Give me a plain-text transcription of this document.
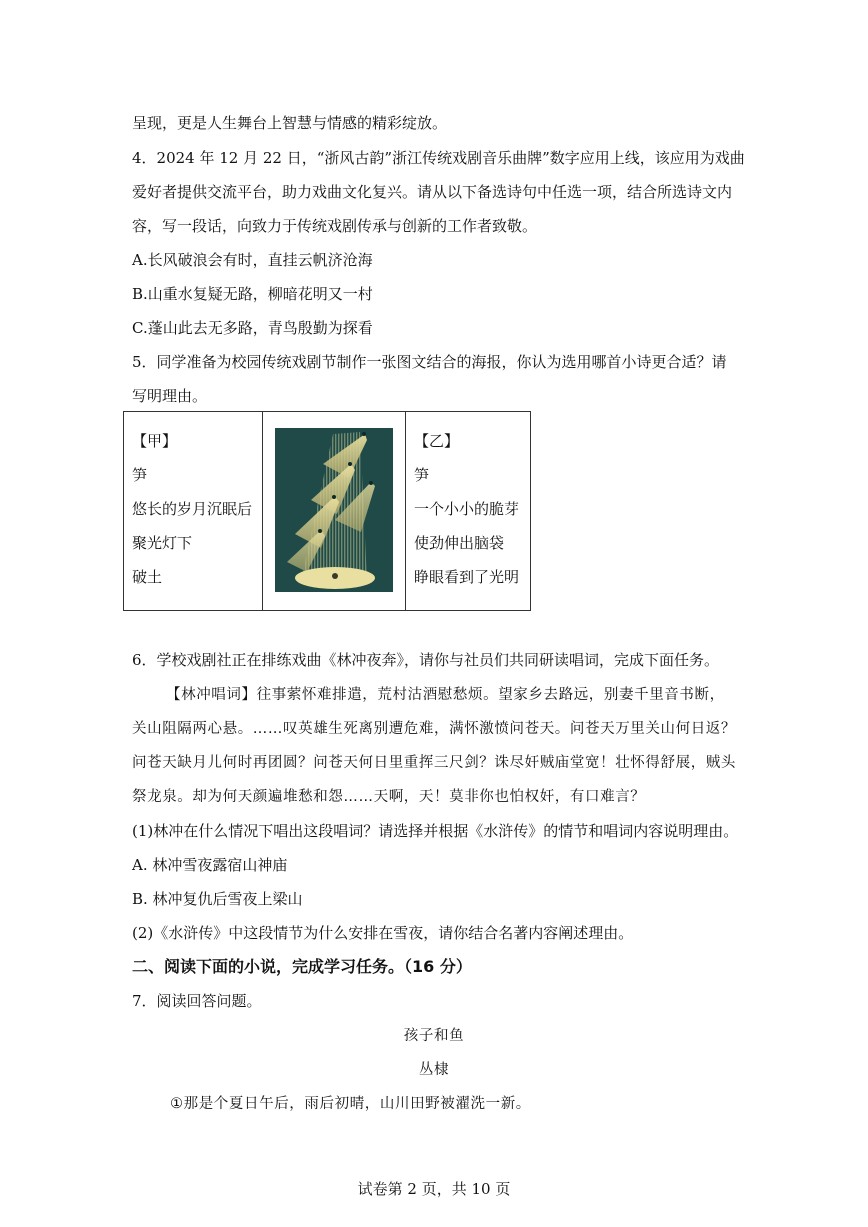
呈现，更是人生舞台上智慧与情感的精彩绽放。
4．2024 年 12 月 22 日，“浙风古韵”浙江传统戏剧音乐曲牌”数字应用上线，该应用为戏曲
爱好者提供交流平台，助力戏曲文化复兴。请从以下备选诗句中任选一项，结合所选诗文内
容，写一段话，向致力于传统戏剧传承与创新的工作者致敬。
A.长风破浪会有时，直挂云帆济沧海
B.山重水复疑无路，柳暗花明又一村
C.蓬山此去无多路，青鸟殷勤为探看
5．同学准备为校园传统戏剧节制作一张图文结合的海报，你认为选用哪首小诗更合适？请
写明理由。
【甲】
笋
悠长的岁月沉眠后
聚光灯下
破土

【乙】
笋
一个小小的脆芽
使劲伸出脑袋
睁眼看到了光明
6．学校戏剧社正在排练戏曲《林冲夜奔》，请你与社员们共同研读唱词，完成下面任务。
【林冲唱词】往事萦怀难排遣，荒村沽酒慰愁烦。望家乡去路远，别妻千里音书断，
关山阻隔两心悬。……叹英雄生死离别遭危难，满怀激愤问苍天。问苍天万里关山何日返？
问苍天缺月儿何时再团圆？问苍天何日里重挥三尺剑？诛尽奸贼庙堂宽！壮怀得舒展，贼头
祭龙泉。却为何天颜遍堆愁和怨……天啊，天！莫非你也怕权奸，有口难言？
(1)林冲在什么情况下唱出这段唱词？请选择并根据《水浒传》的情节和唱词内容说明理由。
A. 林冲雪夜露宿山神庙
B. 林冲复仇后雪夜上梁山
(2)《水浒传》中这段情节为什么安排在雪夜，请你结合名著内容阐述理由。
二、阅读下面的小说，完成学习任务。（16 分）
7．阅读回答问题。
孩子和鱼
丛棣
①那是个夏日午后，雨后初晴，山川田野被濯洗一新。
试卷第 2 页，共 10 页
